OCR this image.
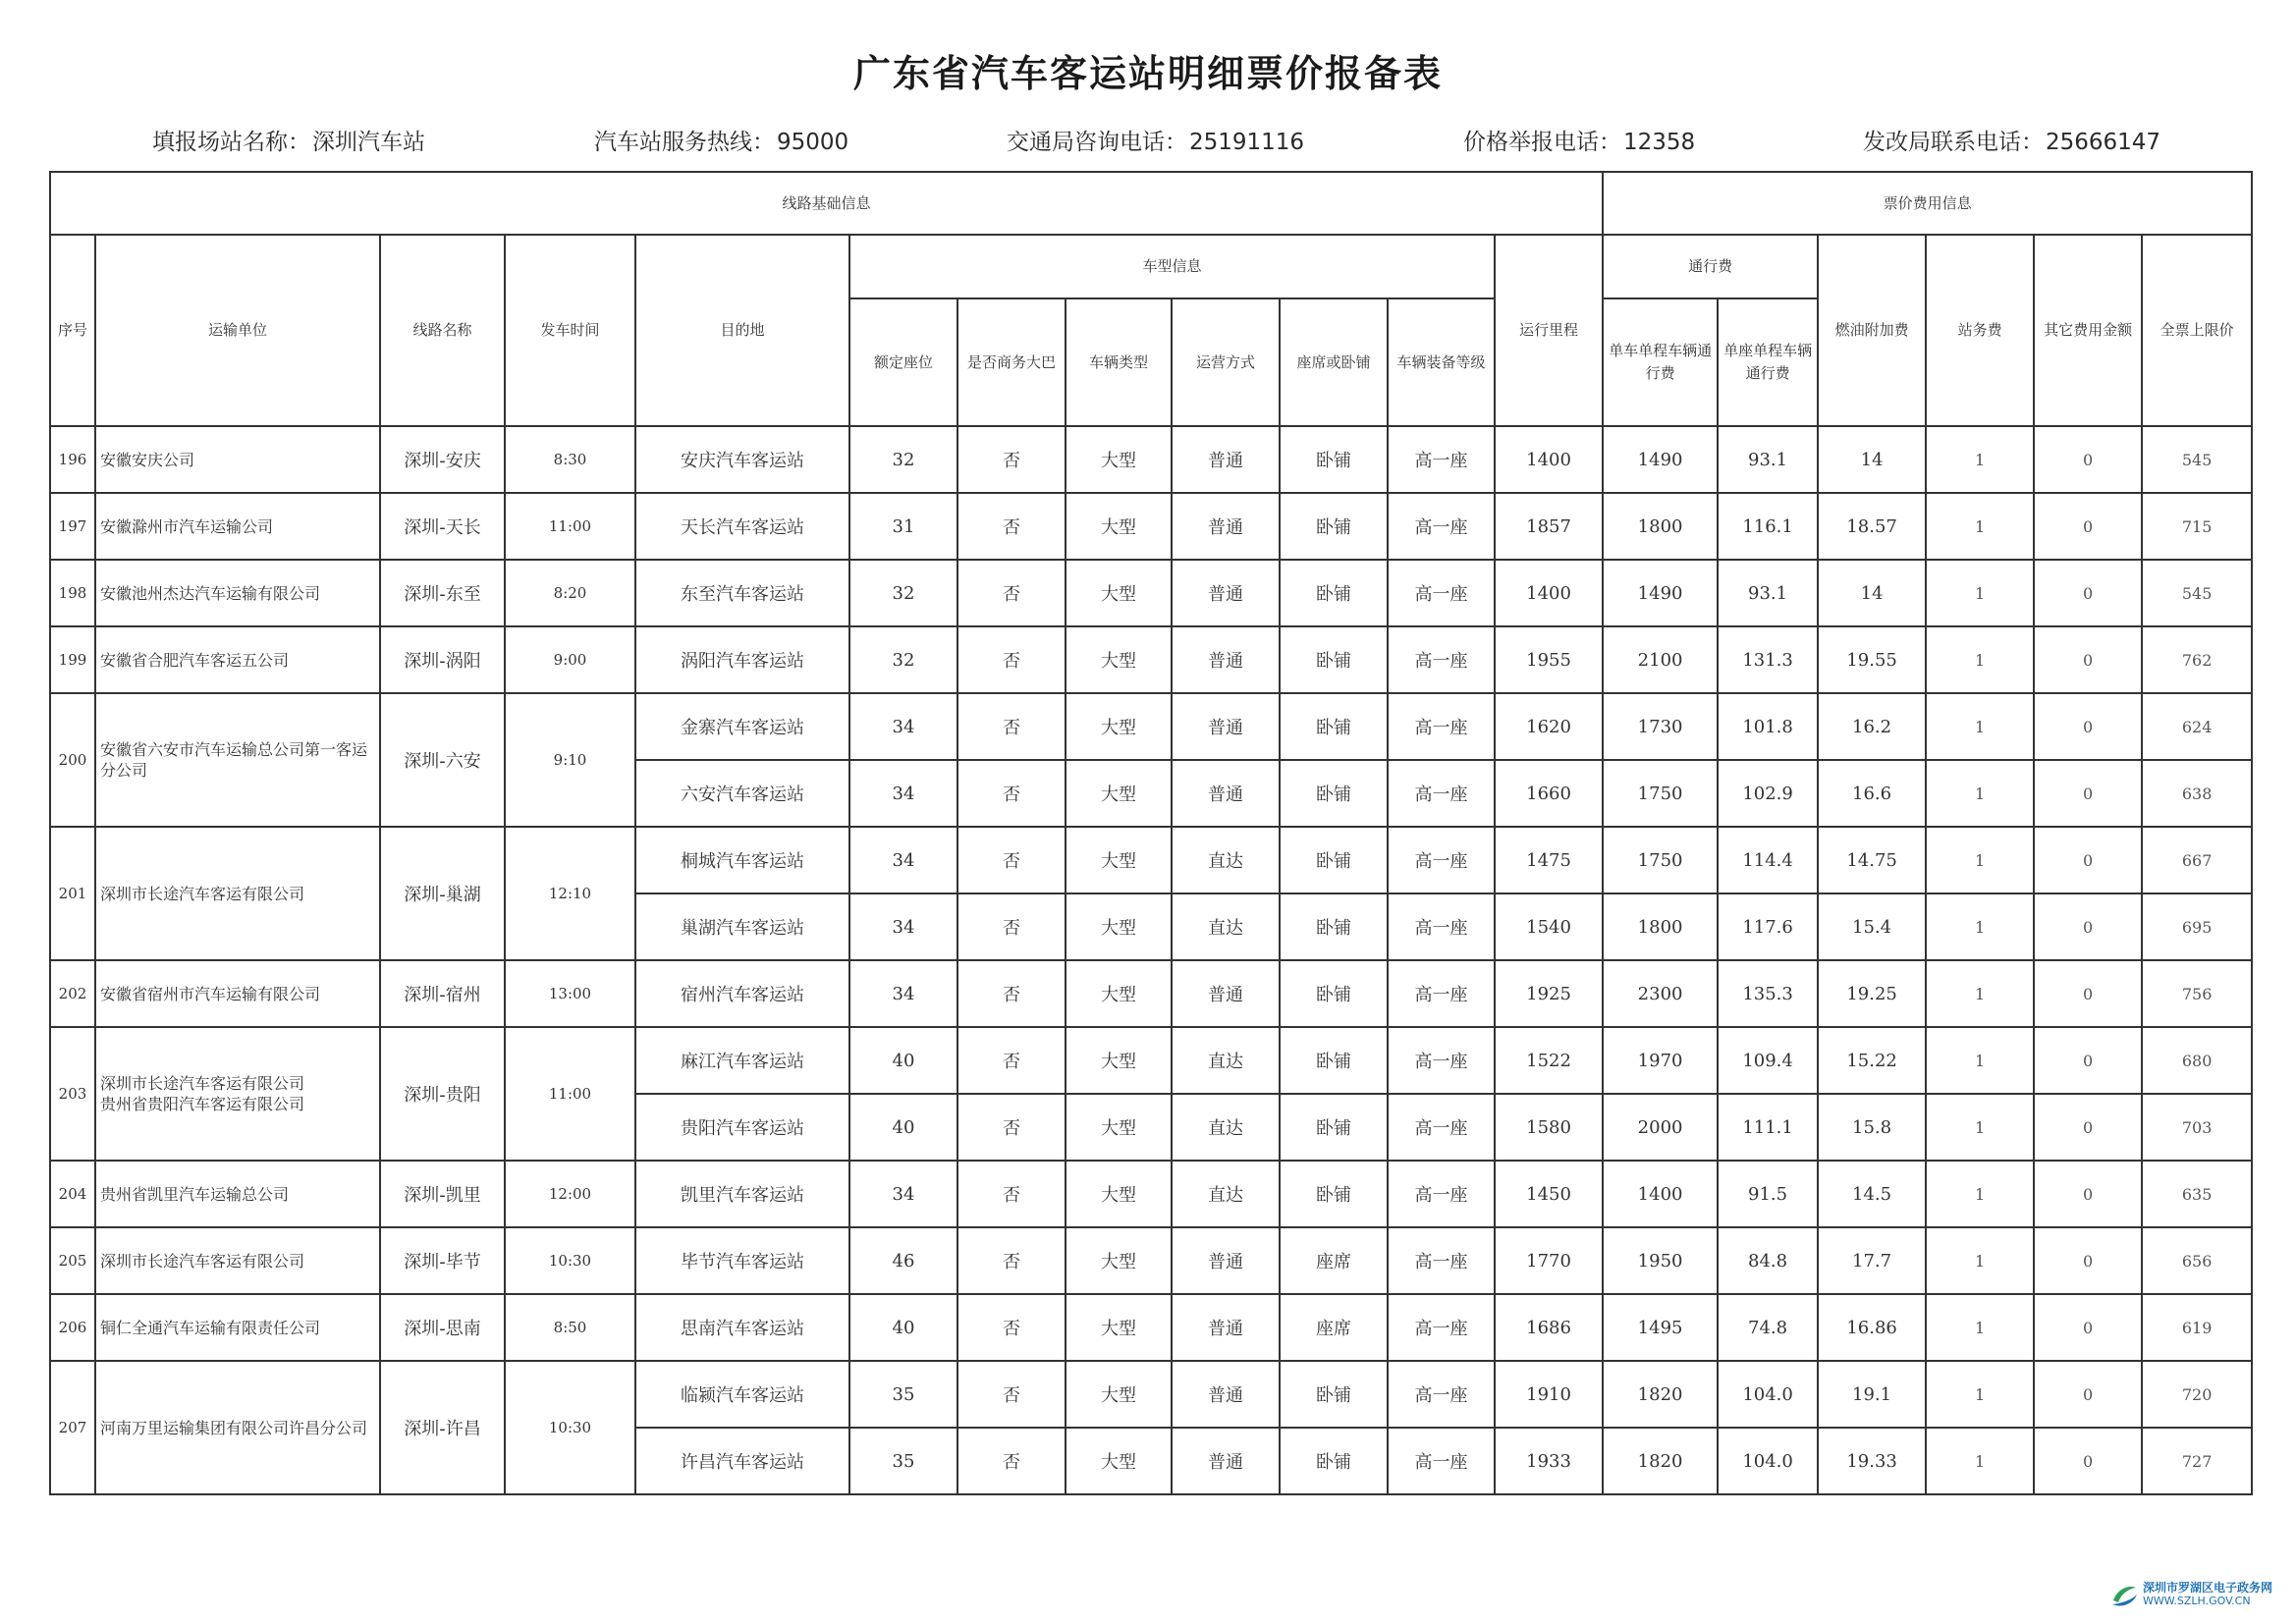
广东省汽车客运站明细票价报备表
填报场站名称：深圳汽车站	汽车站服务热线：95000	交通局咨询电话：25191116	价格举报电话：12358	发改局联系电话：25666147
线路基础信息												票价费用信息					
序号	运输单位	线路名称	发车时间	目的地	车型信息						运行里程	通行费		燃油附加费	站务费	其它费用金额	全票上限价
					额定座位	是否商务大巴	车辆类型	运营方式	座席或卧铺	车辆装备等级		单车单程车辆通行费	单座单程车辆通行费				
196	安徽安庆公司	深圳-安庆	8:30	安庆汽车客运站	32	否	大型	普通	卧铺	高一座	1400	1490	93.1	14	1	0	545
197	安徽滁州市汽车运输公司	深圳-天长	11:00	天长汽车客运站	31	否	大型	普通	卧铺	高一座	1857	1800	116.1	18.57	1	0	715
198	安徽池州杰达汽车运输有限公司	深圳-东至	8:20	东至汽车客运站	32	否	大型	普通	卧铺	高一座	1400	1490	93.1	14	1	0	545
199	安徽省合肥汽车客运五公司	深圳-涡阳	9:00	涡阳汽车客运站	32	否	大型	普通	卧铺	高一座	1955	2100	131.3	19.55	1	0	762
200	安徽省六安市汽车运输总公司第一客运分公司	深圳-六安	9:10	金寨汽车客运站	34	否	大型	普通	卧铺	高一座	1620	1730	101.8	16.2	1	0	624
				六安汽车客运站	34	否	大型	普通	卧铺	高一座	1660	1750	102.9	16.6	1	0	638
201	深圳市长途汽车客运有限公司	深圳-巢湖	12:10	桐城汽车客运站	34	否	大型	直达	卧铺	高一座	1475	1750	114.4	14.75	1	0	667
				巢湖汽车客运站	34	否	大型	直达	卧铺	高一座	1540	1800	117.6	15.4	1	0	695
202	安徽省宿州市汽车运输有限公司	深圳-宿州	13:00	宿州汽车客运站	34	否	大型	普通	卧铺	高一座	1925	2300	135.3	19.25	1	0	756
203	深圳市长途汽车客运有限公司
贵州省贵阳汽车客运有限公司	深圳-贵阳	11:00	麻江汽车客运站	40	否	大型	直达	卧铺	高一座	1522	1970	109.4	15.22	1	0	680
				贵阳汽车客运站	40	否	大型	直达	卧铺	高一座	1580	2000	111.1	15.8	1	0	703
204	贵州省凯里汽车运输总公司	深圳-凯里	12:00	凯里汽车客运站	34	否	大型	直达	卧铺	高一座	1450	1400	91.5	14.5	1	0	635
205	深圳市长途汽车客运有限公司	深圳-毕节	10:30	毕节汽车客运站	46	否	大型	普通	座席	高一座	1770	1950	84.8	17.7	1	0	656
206	铜仁全通汽车运输有限责任公司	深圳-思南	8:50	思南汽车客运站	40	否	大型	普通	座席	高一座	1686	1495	74.8	16.86	1	0	619
207	河南万里运输集团有限公司许昌分公司	深圳-许昌	10:30	临颍汽车客运站	35	否	大型	普通	卧铺	高一座	1910	1820	104.0	19.1	1	0	720
				许昌汽车客运站	35	否	大型	普通	卧铺	高一座	1933	1820	104.0	19.33	1	0	727
深圳市罗湖区电子政务网
WWW.SZLH.GOV.CN
